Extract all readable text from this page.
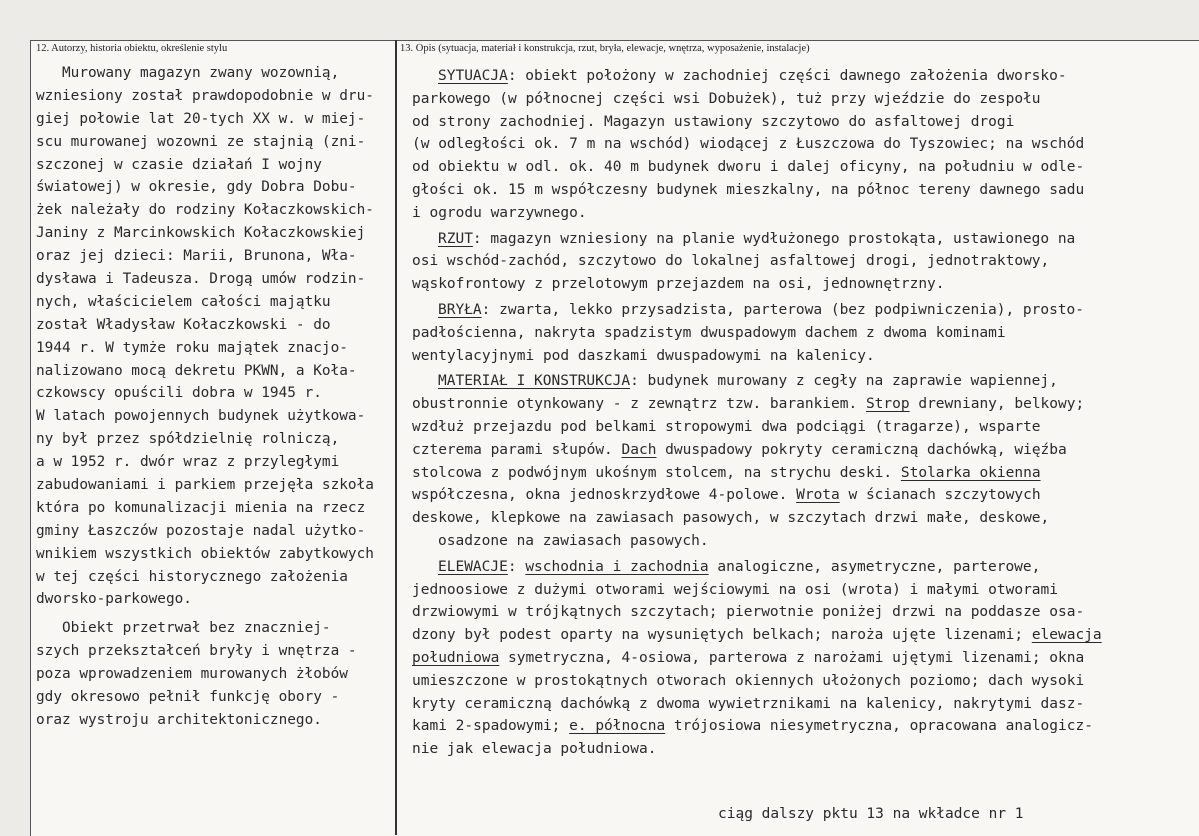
12. Autorzy, historia obiektu, określenie stylu	13. Opis (sytuacja, materiał i konstrukcja, rzut, bryła, elewacje, wnętrza, wyposażenie, instalacje)
Murowany magazyn zwany wozownią,
wzniesiony został prawdopodobnie w dru-
giej połowie lat 20-tych XX w. w miej-
scu murowanej wozowni ze stajnią (zni-
szczonej w czasie działań I wojny
światowej) w okresie, gdy Dobra Dobu-
żek należały do rodziny Kołaczkowskich-
Janiny z Marcinkowskich Kołaczkowskiej
oraz jej dzieci: Marii, Brunona, Wła-
dysława i Tadeusza. Drogą umów rodzin-
nych, właścicielem całości majątku
został Władysław Kołaczkowski - do
1944 r. W tymże roku majątek znacjo-
nalizowano mocą dekretu PKWN, a Koła-
czkowscy opuścili dobra w 1945 r.
W latach powojennych budynek użytkowa-
ny był przez spółdzielnię rolniczą,
a w 1952 r. dwór wraz z przyległymi
zabudowaniami i parkiem przejęła szkoła
która po komunalizacji mienia na rzecz
gminy Łaszczów pozostaje nadal użytko-
wnikiem wszystkich obiektów zabytkowych
w tej części historycznego założenia
dworsko-parkowego.
Obiekt przetrwał bez znaczniej-
szych przekształceń bryły i wnętrza -
poza wprowadzeniem murowanych żłobów
gdy okresowo pełnił funkcję obory -
oraz wystroju architektonicznego.
SYTUACJA: obiekt położony w zachodniej części dawnego założenia dworsko-
parkowego (w północnej części wsi Dobużek), tuż przy wjeździe do zespołu
od strony zachodniej. Magazyn ustawiony szczytowo do asfaltowej drogi
(w odległości ok. 7 m na wschód) wiodącej z Łuszczowa do Tyszowiec; na wschód
od obiektu w odl. ok. 40 m budynek dworu i dalej oficyny, na południu w odle-
głości ok. 15 m współczesny budynek mieszkalny, na północ tereny dawnego sadu
i ogrodu warzywnego.
RZUT: magazyn wzniesiony na planie wydłużonego prostokąta, ustawionego na
osi wschód-zachód, szczytowo do lokalnej asfaltowej drogi, jednotraktowy,
wąskofrontowy z przelotowym przejazdem na osi, jednownętrzny.
BRYŁA: zwarta, lekko przysadzista, parterowa (bez podpiwniczenia), prosto-
padłościenna, nakryta spadzistym dwuspadowym dachem z dwoma kominami
wentylacyjnymi pod daszkami dwuspadowymi na kalenicy.
MATERIAŁ I KONSTRUKCJA: budynek murowany z cegły na zaprawie wapiennej,
obustronnie otynkowany - z zewnątrz tzw. barankiem. Strop drewniany, belkowy;
wzdłuż przejazdu pod belkami stropowymi dwa podciągi (tragarze), wsparte
czterema parami słupów. Dach dwuspadowy pokryty ceramiczną dachówką, więźba
stolcowa z podwójnym ukośnym stolcem, na strychu deski. Stolarka okienna
współczesna, okna jednoskrzydłowe 4-polowe. Wrota w ścianach szczytowych
deskowe, klepkowe na zawiasach pasowych, w szczytach drzwi małe, deskowe,
osadzone na zawiasach pasowych.
ELEWACJE: wschodnia i zachodnia analogiczne, asymetryczne, parterowe,
jednoosiowe z dużymi otworami wejściowymi na osi (wrota) i małymi otworami
drzwiowymi w trójkątnych szczytach; pierwotnie poniżej drzwi na poddasze osa-
dzony był podest oparty na wysuniętych belkach; naroża ujęte lizenami; elewacja
południowa symetryczna, 4-osiowa, parterowa z narożami ujętymi lizenami; okna
umieszczone w prostokątnych otworach okiennych ułożonych poziomo; dach wysoki
kryty ceramiczną dachówką z dwoma wywietrznikami na kalenicy, nakrytymi dasz-
kami 2-spadowymi; e. północna trójosiowa niesymetryczna, opracowana analogicz-
nie jak elewacja południowa.
ciąg dalszy pktu 13 na wkładce nr 1
